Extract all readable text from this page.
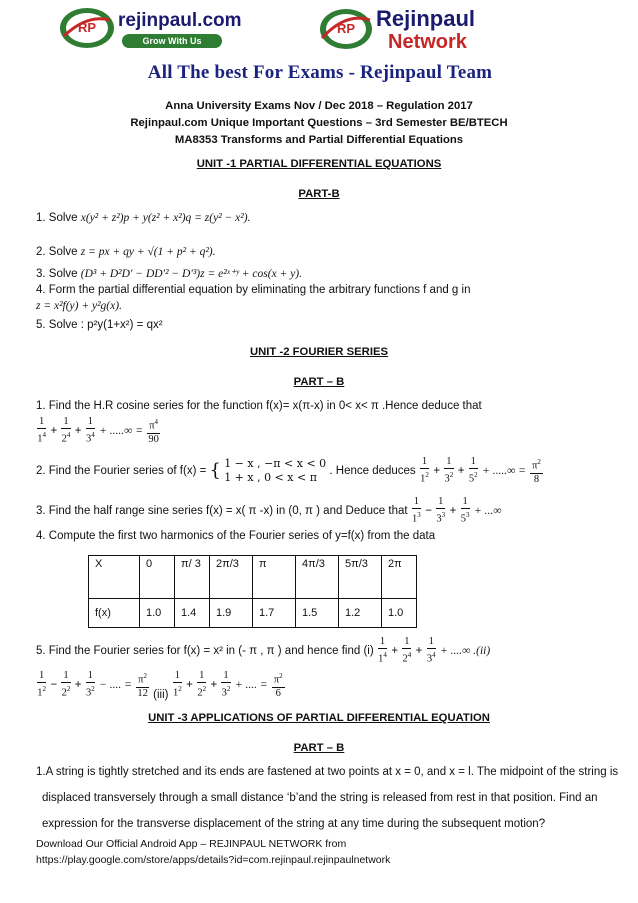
RP rejinpaul.com
Grow With Us
RP Rejinpaul
Network
All The best For Exams - Rejinpaul Team
Anna University Exams Nov / Dec 2018 – Regulation 2017
Rejinpaul.com Unique Important Questions – 3rd Semester BE/BTECH
MA8353 Transforms and Partial Differential Equations
UNIT -1 PARTIAL DIFFERENTIAL EQUATIONS
PART-B
1. Solve x(y² + z²)p + y(z² + x²)q = z(y² − x²).
2. Solve z = px + qy + √(1 + p² + q²).
3. Solve (D³ + D²D′ − DD′² − D′³)z = e²ˣ⁺ʸ + cos(x + y).
4. Form the partial differential equation by eliminating the arbitrary functions f and g in
z = x²f(y) + y²g(x).
5. Solve : p²y(1+x²) = qx²
UNIT -2 FOURIER SERIES
PART – B
1. Find the H.R cosine series for the function f(x)= x(π-x) in 0< x< π .Hence deduce that
$\frac{1}{1^4} + \frac{1}{2^4} + \frac{1}{3^4}$ + .....∞ = $\frac{\pi^4}{90}$
2. Find the Fourier series of f(x) = { 1 − x , −π < x < 0
1 + x , 0 < x < π	. Hence deduces $\frac{1}{1^2} + \frac{1}{3^2} + \frac{1}{5^2}$ + .....∞ = $\frac{\pi^2}{8}$
3. Find the half range sine series f(x) = x( π -x) in (0, π ) and Deduce that $\frac{1}{1^3} - \frac{1}{3^3} + \frac{1}{5^3}$ + ...∞
4. Compute the first two harmonics of the Fourier series of y=f(x) from the data
X	0	π/ 3	2π/3	π	4π/3	5π/3	2π
f(x)	1.0	1.4	1.9	1.7	1.5	1.2	1.0
5. Find the Fourier series for f(x) = x² in (- π , π ) and hence find $(i) \frac{1}{1^4} + \frac{1}{2^4} + \frac{1}{3^4}$ + ....∞ .(ii)
$\frac{1}{1^2} - \frac{1}{2^2} + \frac{1}{3^2}$ − .... = $\frac{\pi^2}{12} (iii) \frac{1}{1^2} + \frac{1}{2^2} + \frac{1}{3^2}$ + .... = $\frac{\pi^2}{6}$
UNIT -3 APPLICATIONS OF PARTIAL DIFFERENTIAL EQUATION
PART – B
1.A string is tightly stretched and its ends are fastened at two points at x = 0, and x = l. The midpoint of the string is
displaced transversely through a small distance ‘b’and the string is released from rest in that position. Find an
expression for the transverse displacement of the string at any time during the subsequent motion?
Download Our Official Android App – REJINPAUL NETWORK from
https://play.google.com/store/apps/details?id=com.rejinpaul.rejinpaulnetwork
